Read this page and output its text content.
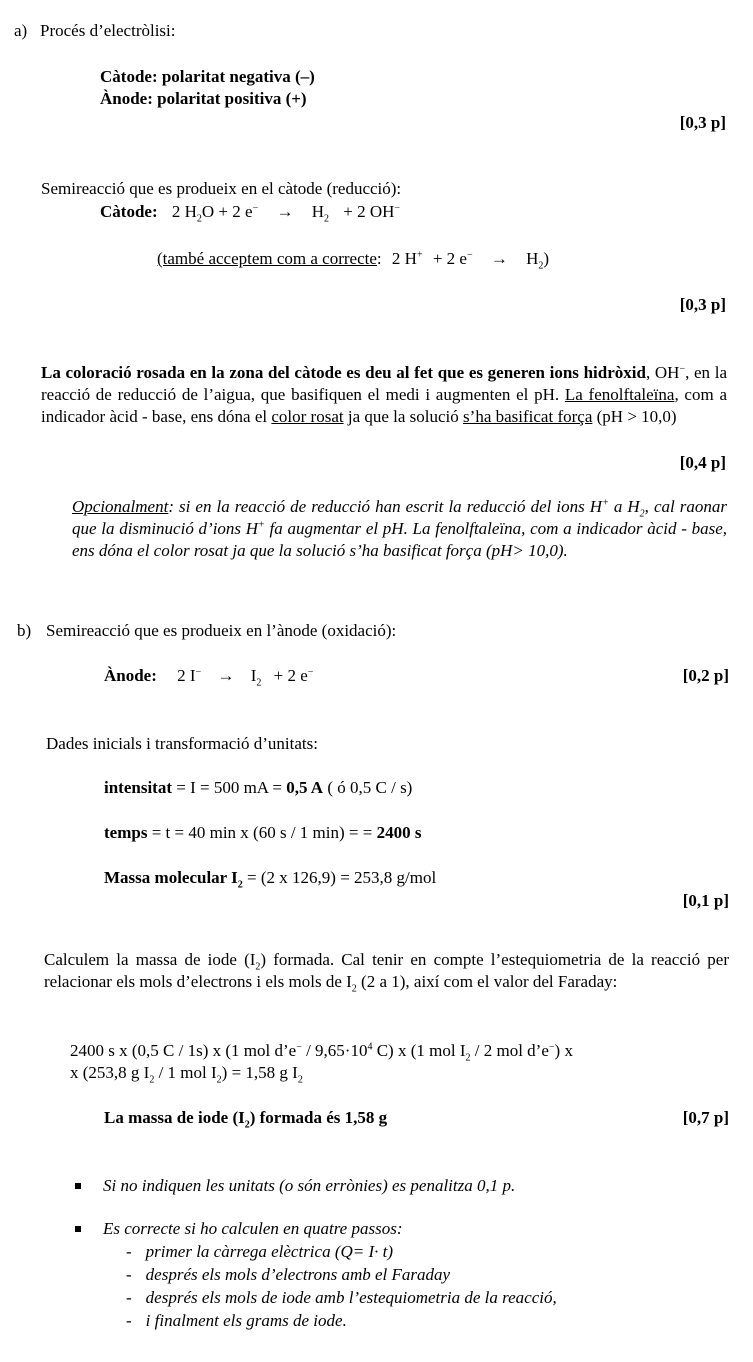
a) Procés d’electròlisi:
Càtode: polaritat negativa (–)
Ànode: polaritat positiva (+)
[0,3 p]
Semireacció que es produeix en el càtode (reducció):
Càtode: 2 $H_2O + 2$ $e^- \to H_2 + 2$ OH−
(també acceptem com a correcte: 2 H+ + 2 $e^- \to H_2$)
[0,3 p]
La coloració rosada en la zona del càtode es deu al fet que es generen ions hidròxid, OH−, en la reacció de reducció de l’aigua, que basifiquen el medi i augmenten el pH. La fenolftaleïna, com a indicador àcid - base, ens dóna el color rosat ja que la solució s’ha basificat força (pH > 10,0)
[0,4 p]
Opcionalment: si en la reacció de reducció han escrit la reducció del ions H+ a $H_2$, cal raonar que la disminució d’ions H+ fa augmentar el pH. La fenolftaleïna, com a indicador àcid - base, ens dóna el color rosat ja que la solució s’ha basificat força (pH> 10,0).
b) Semireacció que es produeix en l’ànode (oxidació):
Ànode: 2 $I^- \to I_2 + 2$ e−	[0,2 p]
Dades inicials i transformació d’unitats:
intensitat = I = 500 mA = 0,5 A ( ó 0,5 C / s)
temps = t = 40 min x (60 s / 1 min) = = 2400 s
Massa molecular $I_2 = (2$ x 126,9) = 253,8 g/mol
[0,1 p]
Calculem la massa de iode $(I_2)$ formada. Cal tenir en compte l’estequiometria de la reacció per relacionar els mols d’electrons i els mols de $I_2$ (2 a 1), així com el valor del Faraday:
2400 s x (0,5 C / 1s) x (1 mol d’e− / $9,65\cdot 10^4$ C) x (1 mol $I_2 / 2$ mol d’e−) x
x (253,8 g $I_2 / 1$ mol $I_2) = 1,58$ g $I_2$
La massa de iode $(I_2)$ formada és 1,58 g	[0,7 p]
Si no indiquen les unitats (o són errònies) es penalitza 0,1 p.
Es correcte si ho calculen en quatre passos:
- primer la càrrega elèctrica (Q= I· t)
- després els mols d’electrons amb el Faraday
- després els mols de iode amb l’estequiometria de la reacció,
- i finalment els grams de iode.
